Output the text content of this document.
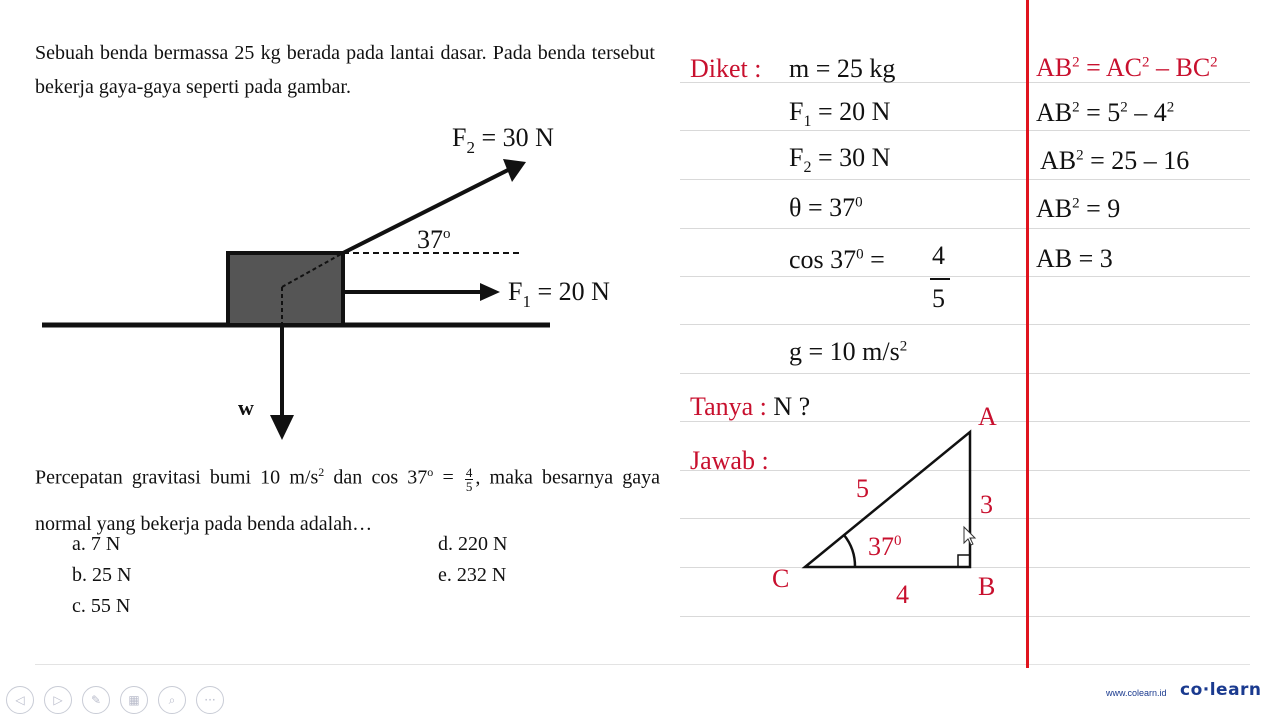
Sebuah benda bermassa 25 kg berada pada lantai dasar. Pada benda tersebut bekerja gaya-gaya seperti pada gambar.

$F_2 = 30$ N
37$^o$
$F_1 = 20$ N
w
Percepatan gravitasi bumi 10 $m/s^2$ dan $\cos 37^o = \frac{4}{5}$ , maka besarnya gaya normal yang bekerja pada benda adalah…
a. 7 N
b. 25 N
c. 55 N
d. 220 N
e. 232 N
Diket : m = 25 kg
$F_1 = 20$ N
$F_2 = 30$ N
$\theta = 37^0$
$\cos 37^0 = 4$
5
g = 10 $m/s^2$
Tanya : N ?
Jawab :
$AB^2 = AC^2 - BC^2$
$AB^2 = 5^2 - 4^2$
$AB^2 = 25 - 16$
$AB^2 = 9$
AB = 3
A
B
C
5
3
4
$37^0$
◁	▷	✎	▦	⌕	···	www.colearn.id co·learn
